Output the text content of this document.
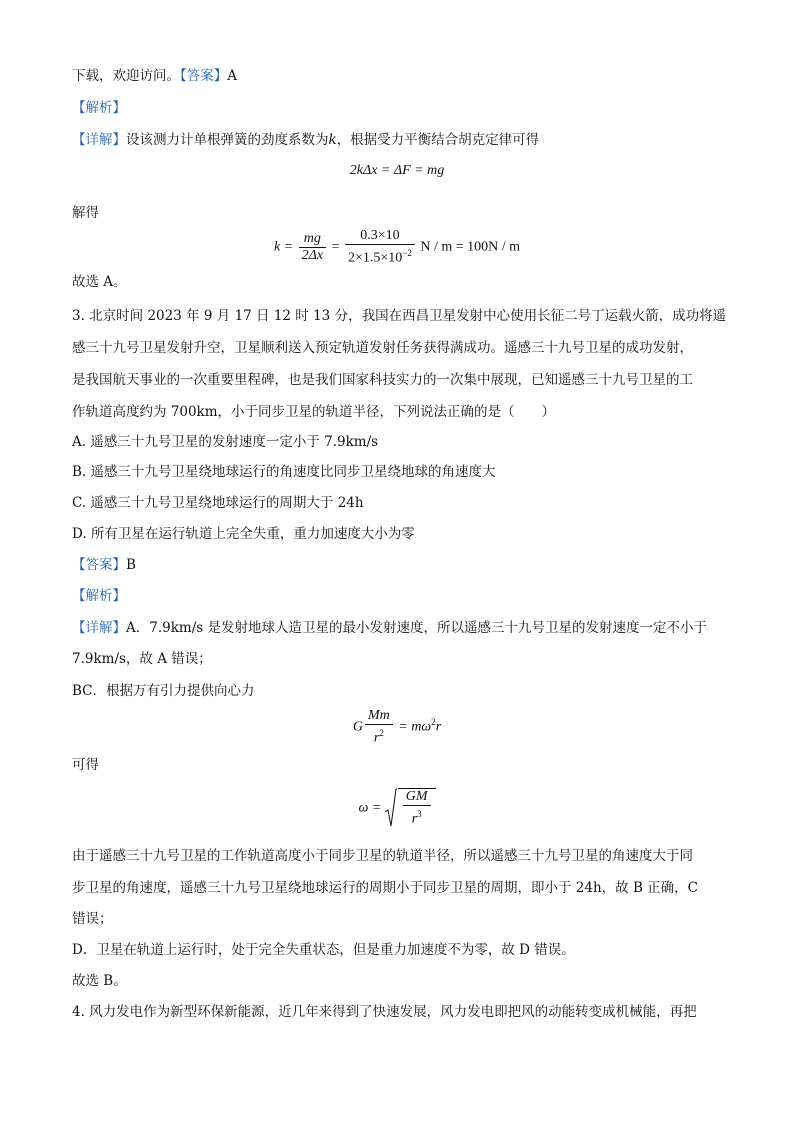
下载，欢迎访问。【答案】A
【解析】
【详解】设该测力计单根弹簧的劲度系数为k，根据受力平衡结合胡克定律可得
2kΔx = ΔF = mg
解得
$k = \frac{mg}{2\Delta x} = \frac{0.3\times 10}{2\times 1.5\times 10^{-2}}$ N / m = 100N / m
故选 A。
3. 北京时间 2023 年 9 月 17 日 12 时 13 分，我国在西昌卫星发射中心使用长征二号丁运载火箭，成功将遥
感三十九号卫星发射升空，卫星顺利送入预定轨道发射任务获得满成功。遥感三十九号卫星的成功发射，
是我国航天事业的一次重要里程碑，也是我们国家科技实力的一次集中展现，已知遥感三十九号卫星的工
作轨道高度约为 700km，小于同步卫星的轨道半径，下列说法正确的是（　　）
A. 遥感三十九号卫星的发射速度一定小于 7.9km/s
B. 遥感三十九号卫星绕地球运行的角速度比同步卫星绕地球的角速度大
C. 遥感三十九号卫星绕地球运行的周期大于 24h
D. 所有卫星在运行轨道上完全失重，重力加速度大小为零
【答案】B
【解析】
【详解】A．7.9km/s 是发射地球人造卫星的最小发射速度，所以遥感三十九号卫星的发射速度一定不小于
7.9km/s，故 A 错误；
BC．根据万有引力提供向心力
G $\frac{Mm}{r^2} = m\omega^2r$
可得
$\omega = \frac{GM}{r^3}$
由于遥感三十九号卫星的工作轨道高度小于同步卫星的轨道半径，所以遥感三十九号卫星的角速度大于同
步卫星的角速度，遥感三十九号卫星绕地球运行的周期小于同步卫星的周期，即小于 24h，故 B 正确，C
错误；
D．卫星在轨道上运行时，处于完全失重状态，但是重力加速度不为零，故 D 错误。
故选 B。
4. 风力发电作为新型环保新能源，近几年来得到了快速发展，风力发电即把风的动能转变成机械能，再把
